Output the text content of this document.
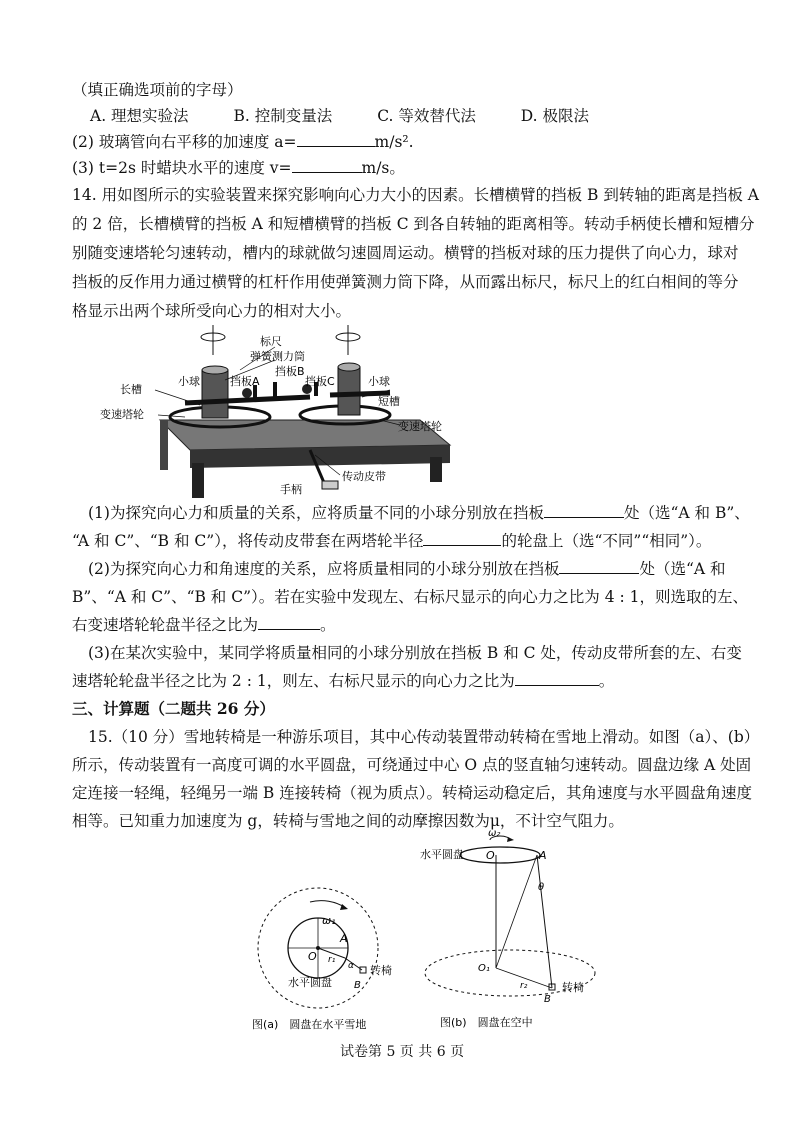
（填正确选项前的字母）
A. 理想实验法	B. 控制变量法	C. 等效替代法	D. 极限法
(2) 玻璃管向右平移的加速度 a=	m/s².
(3) t=2s 时蜡块水平的速度 v=	m/s。
14. 用如图所示的实验装置来探究影响向心力大小的因素。长槽横臂的挡板 B 到转轴的距离是挡板 A
的 2 倍，长槽横臂的挡板 A 和短槽横臂的挡板 C 到各自转轴的距离相等。转动手柄使长槽和短槽分
别随变速塔轮匀速转动，槽内的球就做匀速圆周运动。横臂的挡板对球的压力提供了向心力，球对
挡板的反作用力通过横臂的杠杆作用使弹簧测力筒下降，从而露出标尺，标尺上的红白相间的等分
格显示出两个球所受向心力的相对大小。
标尺
弹簧测力筒
小球	挡板A
挡板B
挡板C	小球
长槽
短槽
变速塔轮
变速塔轮
手柄
传动皮带
(1)为探究向心力和质量的关系，应将质量不同的小球分别放在挡板	处（选“A 和 B”、
“A 和 C”、“B 和 C”），将传动皮带套在两塔轮半径	的轮盘上（选“不同”“相同”）。
(2)为探究向心力和角速度的关系，应将质量相同的小球分别放在挡板	处（选“A 和
B”、“A 和 C”、“B 和 C”）。若在实验中发现左、右标尺显示的向心力之比为 4 : 1，则选取的左、
右变速塔轮轮盘半径之比为	。
(3)在某次实验中，某同学将质量相同的小球分别放在挡板 B 和 C 处，传动皮带所套的左、右变
速塔轮轮盘半径之比为 2 : 1，则左、右标尺显示的向心力之比为	。
三、计算题（二题共 26 分）
15.（10 分）雪地转椅是一种游乐项目，其中心传动装置带动转椅在雪地上滑动。如图（a）、(b）
所示，传动装置有一高度可调的水平圆盘，可绕通过中心 O 点的竖直轴匀速转动。圆盘边缘 A 处固
定连接一轻绳，轻绳另一端 B 连接转椅（视为质点）。转椅运动稳定后，其角速度与水平圆盘角速度
相等。已知重力加速度为 g，转椅与雪地之间的动摩擦因数为μ，不计空气阻力。
ω₁
O
A
r₁
α
B
转椅
水平圆盘
图(a)　圆盘在水平雪地
ω₂
水平圆盘 O	A
θ
O₁
r₂
B
转椅
图(b)　圆盘在空中
试卷第 5 页 共 6 页
